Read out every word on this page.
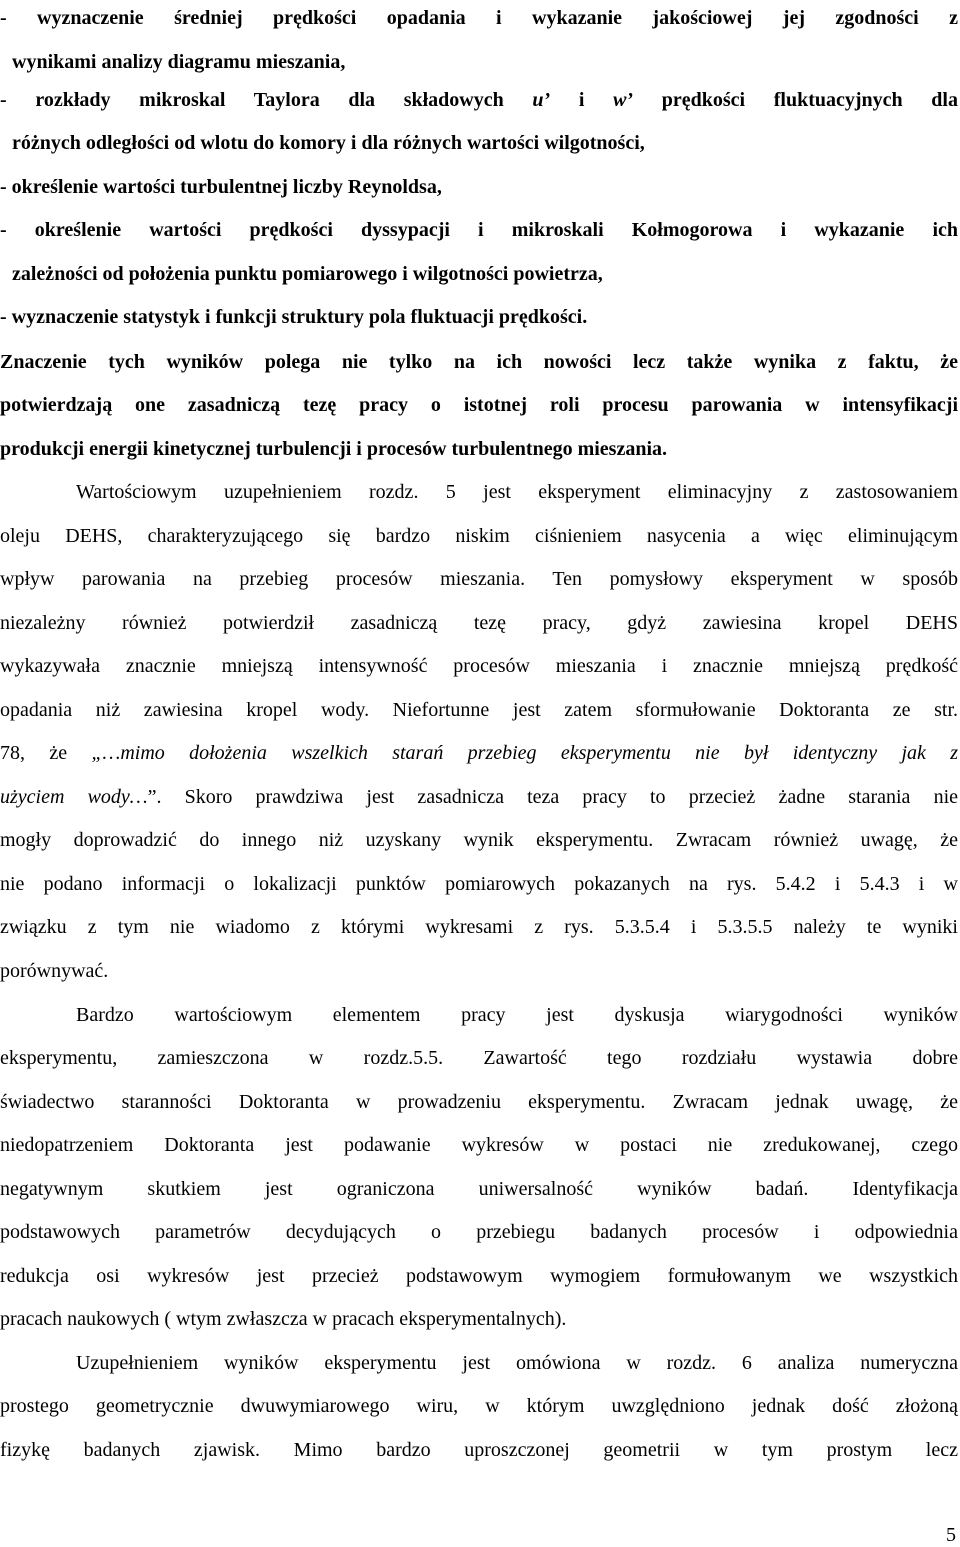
- wyznaczenie średniej prędkości opadania i wykazanie jakościowej jej zgodności z
wynikami analizy diagramu mieszania,
- rozkłady mikroskal Taylora dla składowych u’ i w’ prędkości fluktuacyjnych dla
różnych odległości od wlotu do komory i dla różnych wartości wilgotności,
- określenie wartości turbulentnej liczby Reynoldsa,
- określenie wartości prędkości dyssypacji i mikroskali Kołmogorowa i wykazanie ich
zależności od położenia punktu pomiarowego i wilgotności powietrza,
- wyznaczenie statystyk i funkcji struktury pola fluktuacji prędkości.
Znaczenie tych wyników polega nie tylko na ich nowości lecz także wynika z faktu, że
potwierdzają one zasadniczą tezę pracy o istotnej roli procesu parowania w intensyfikacji
produkcji energii kinetycznej turbulencji i procesów turbulentnego mieszania.
Wartościowym uzupełnieniem rozdz. 5 jest eksperyment eliminacyjny z zastosowaniem
oleju DEHS, charakteryzującego się bardzo niskim ciśnieniem nasycenia a więc eliminującym
wpływ parowania na przebieg procesów mieszania. Ten pomysłowy eksperyment w sposób
niezależny również potwierdził zasadniczą tezę pracy, gdyż zawiesina kropel DEHS
wykazywała znacznie mniejszą intensywność procesów mieszania i znacznie mniejszą prędkość
opadania niż zawiesina kropel wody. Niefortunne jest zatem sformułowanie Doktoranta ze str.
78, że „…mimo dołożenia wszelkich starań przebieg eksperymentu nie był identyczny jak z
użyciem wody…”. Skoro prawdziwa jest zasadnicza teza pracy to przecież żadne starania nie
mogły doprowadzić do innego niż uzyskany wynik eksperymentu. Zwracam również uwagę, że
nie podano informacji o lokalizacji punktów pomiarowych pokazanych na rys. 5.4.2 i 5.4.3 i w
związku z tym nie wiadomo z którymi wykresami z rys. 5.3.5.4 i 5.3.5.5 należy te wyniki
porównywać.
Bardzo wartościowym elementem pracy jest dyskusja wiarygodności wyników
eksperymentu, zamieszczona w rozdz.5.5. Zawartość tego rozdziału wystawia dobre
świadectwo staranności Doktoranta w prowadzeniu eksperymentu. Zwracam jednak uwagę, że
niedopatrzeniem Doktoranta jest podawanie wykresów w postaci nie zredukowanej, czego
negatywnym skutkiem jest ograniczona uniwersalność wyników badań. Identyfikacja
podstawowych parametrów decydujących o przebiegu badanych procesów i odpowiednia
redukcja osi wykresów jest przecież podstawowym wymogiem formułowanym we wszystkich
pracach naukowych ( wtym zwłaszcza w pracach eksperymentalnych).
Uzupełnieniem wyników eksperymentu jest omówiona w rozdz. 6 analiza numeryczna
prostego geometrycznie dwuwymiarowego wiru, w którym uwzględniono jednak dość złożoną
fizykę badanych zjawisk. Mimo bardzo uproszczonej geometrii w tym prostym lecz
5
